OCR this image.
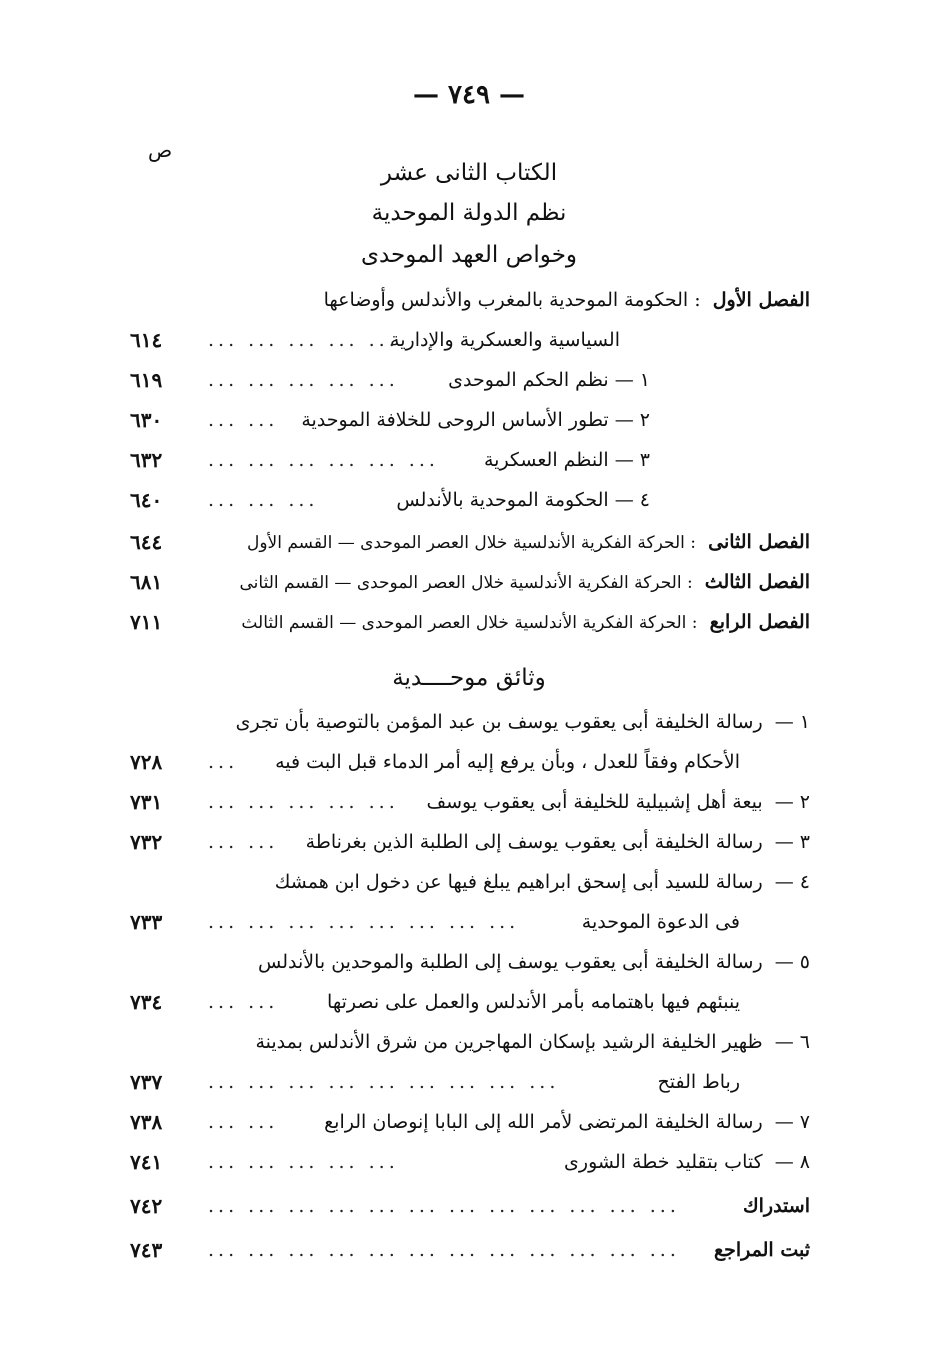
— ٧٤٩ —
ص
الكتاب الثانى عشر
نظم الدولة الموحدية
وخواص العهد الموحدى
الفصل الأول  : الحكومة الموحدية بالمغرب والأندلس وأوضاعها
السياسية والعسكرية والإدارية
... ... ... ... ...
٦١٤
١ — نظم الحكم الموحدى
... ... ... ... ...
٦١٩
٢ — تطور الأساس الروحى للخلافة الموحدية
... ...
٦٣٠
٣ — النظم العسكرية
... ... ... ... ... ...
٦٣٢
٤ — الحكومة الموحدية بالأندلس
... ... ...
٦٤٠
الفصل الثانى  : الحركة الفكرية الأندلسية خلال العصر الموحدى — القسم الأول
٦٤٤
الفصل الثالث  : الحركة الفكرية الأندلسية خلال العصر الموحدى — القسم الثانى
٦٨١
الفصل الرابع  : الحركة الفكرية الأندلسية خلال العصر الموحدى — القسم الثالث
٧١١
وثائق موحــــدية
١ —  رسالة الخليفة أبى يعقوب يوسف بن عبد المؤمن بالتوصية بأن تجرى
الأحكام وفقاً للعدل ، وبأن يرفع إليه أمر الدماء قبل البت فيه
...
٧٢٨
٢ —  بيعة أهل إشبيلية للخليفة أبى يعقوب يوسف
... ... ... ... ...
٧٣١
٣ —  رسالة الخليفة أبى يعقوب يوسف إلى الطلبة الذين بغرناطة
... ...
٧٣٢
٤ —  رسالة للسيد أبى إسحق ابراهيم يبلغ فيها عن دخول ابن همشك
فى الدعوة الموحدية
... ... ... ... ... ... ... ...
٧٣٣
٥ —  رسالة الخليفة أبى يعقوب يوسف إلى الطلبة والموحدين بالأندلس
ينبئهم فيها باهتمامه بأمر الأندلس والعمل على نصرتها
... ...
٧٣٤
٦ —  ظهير الخليفة الرشيد بإسكان المهاجرين من شرق الأندلس بمدينة
رباط الفتح
... ... ... ... ... ... ... ... ...
٧٣٧
٧ —  رسالة الخليفة المرتضى لأمر الله إلى البابا إنوصان الرابع
... ...
٧٣٨
٨ —  كتاب بتقليد خطة الشورى
... ... ... ... ...
٧٤١
استدراك
... ... ... ... ... ... ... ... ... ... ... ...
٧٤٢
ثبت المراجع
... ... ... ... ... ... ... ... ... ... ... ...
٧٤٣
